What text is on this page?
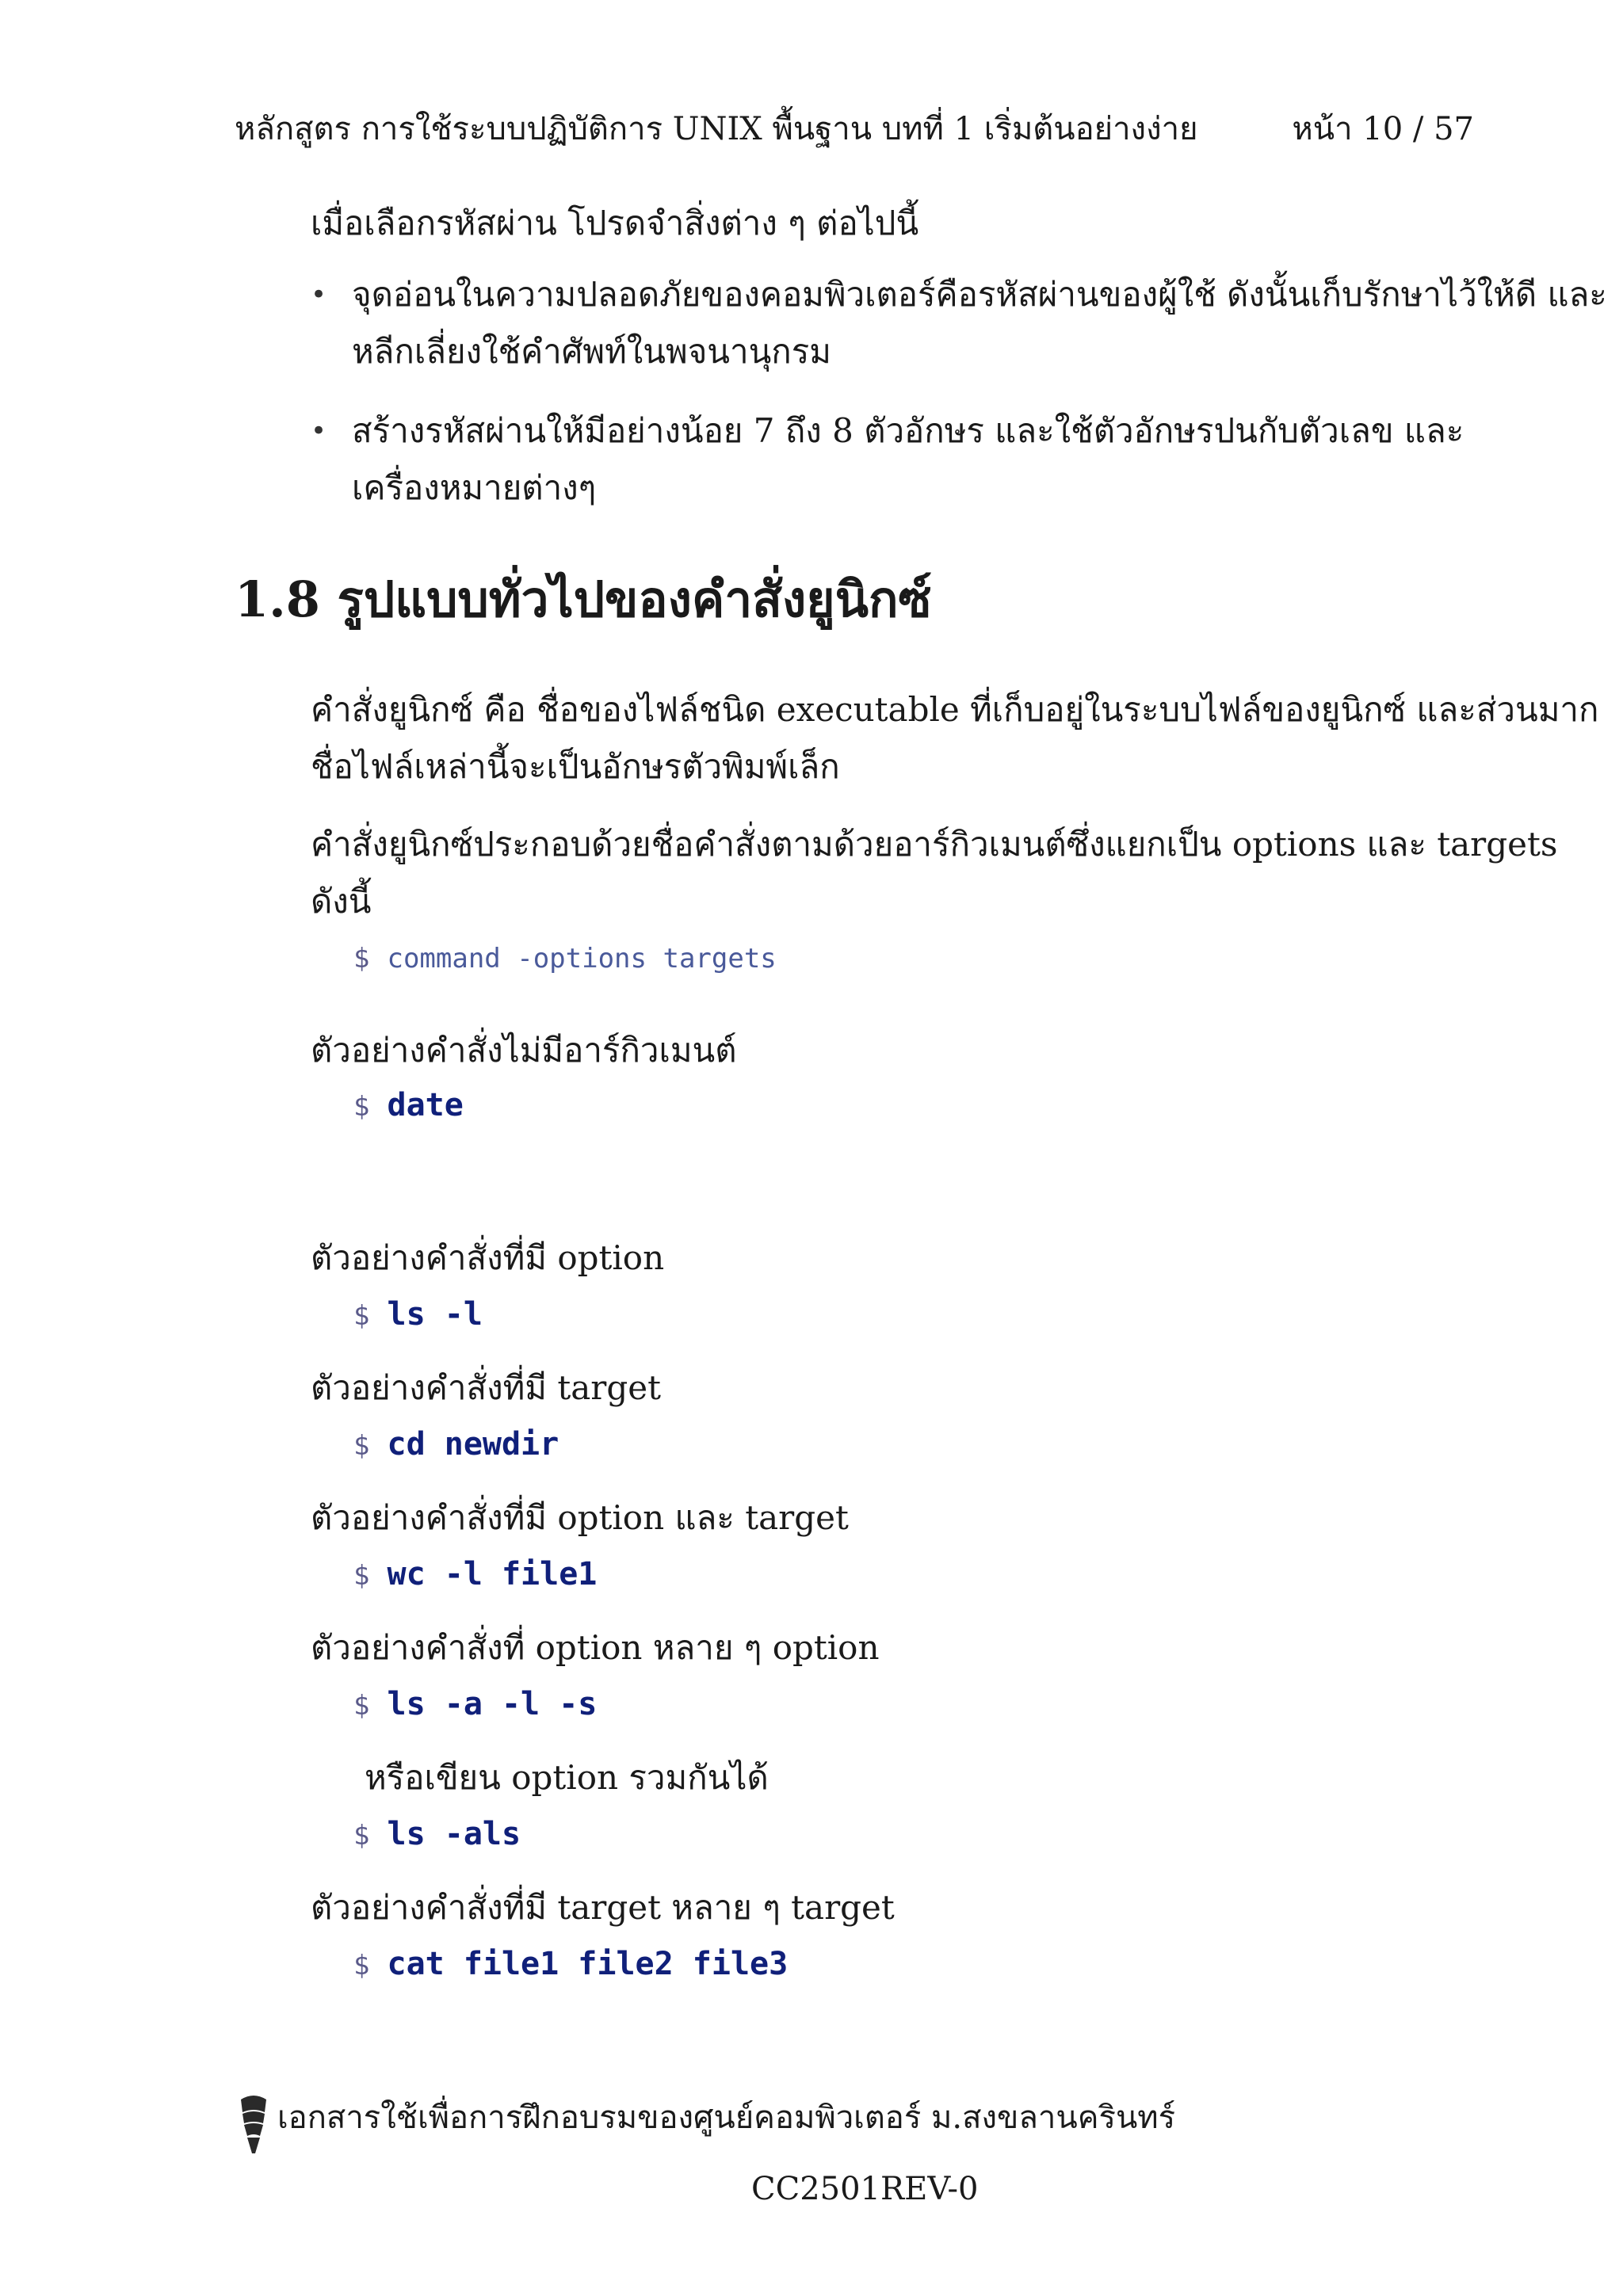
หลักสูตร การใช้ระบบปฏิบัติการ UNIX พื้นฐาน บทที่ 1 เริ่มต้นอย่างง่าย	หน้า 10 / 57
เมื่อเลือกรหัสผ่าน โปรดจำสิ่งต่าง ๆ ต่อไปนี้
• จุดอ่อนในความปลอดภัยของคอมพิวเตอร์คือรหัสผ่านของผู้ใช้ ดังนั้นเก็บรักษาไว้ให้ดี และ
หลีกเลี่ยงใช้คำศัพท์ในพจนานุกรม
• สร้างรหัสผ่านให้มีอย่างน้อย 7 ถึง 8 ตัวอักษร และใช้ตัวอักษรปนกับตัวเลข และ
เครื่องหมายต่างๆ
1.8 รูปแบบทั่วไปของคำสั่งยูนิกซ์
คำสั่งยูนิกซ์ คือ ชื่อของไฟล์ชนิด executable ที่เก็บอยู่ในระบบไฟล์ของยูนิกซ์ และส่วนมาก
ชื่อไฟล์เหล่านี้จะเป็นอักษรตัวพิมพ์เล็ก
คำสั่งยูนิกซ์ประกอบด้วยชื่อคำสั่งตามด้วยอาร์กิวเมนต์ซึ่งแยกเป็น options และ targets
ดังนี้
$ command -options targets
ตัวอย่างคำสั่งไม่มีอาร์กิวเมนต์
$ date
ตัวอย่างคำสั่งที่มี option
$ ls -l
ตัวอย่างคำสั่งที่มี target
$ cd newdir
ตัวอย่างคำสั่งที่มี option และ target
$ wc -l file1
ตัวอย่างคำสั่งที่ option หลาย ๆ option
$ ls -a -l -s
หรือเขียน option รวมกันได้
$ ls -als
ตัวอย่างคำสั่งที่มี target หลาย ๆ target
$ cat file1 file2 file3
เอกสารใช้เพื่อการฝึกอบรมของศูนย์คอมพิวเตอร์ ม.สงขลานครินทร์
CC2501REV-0
